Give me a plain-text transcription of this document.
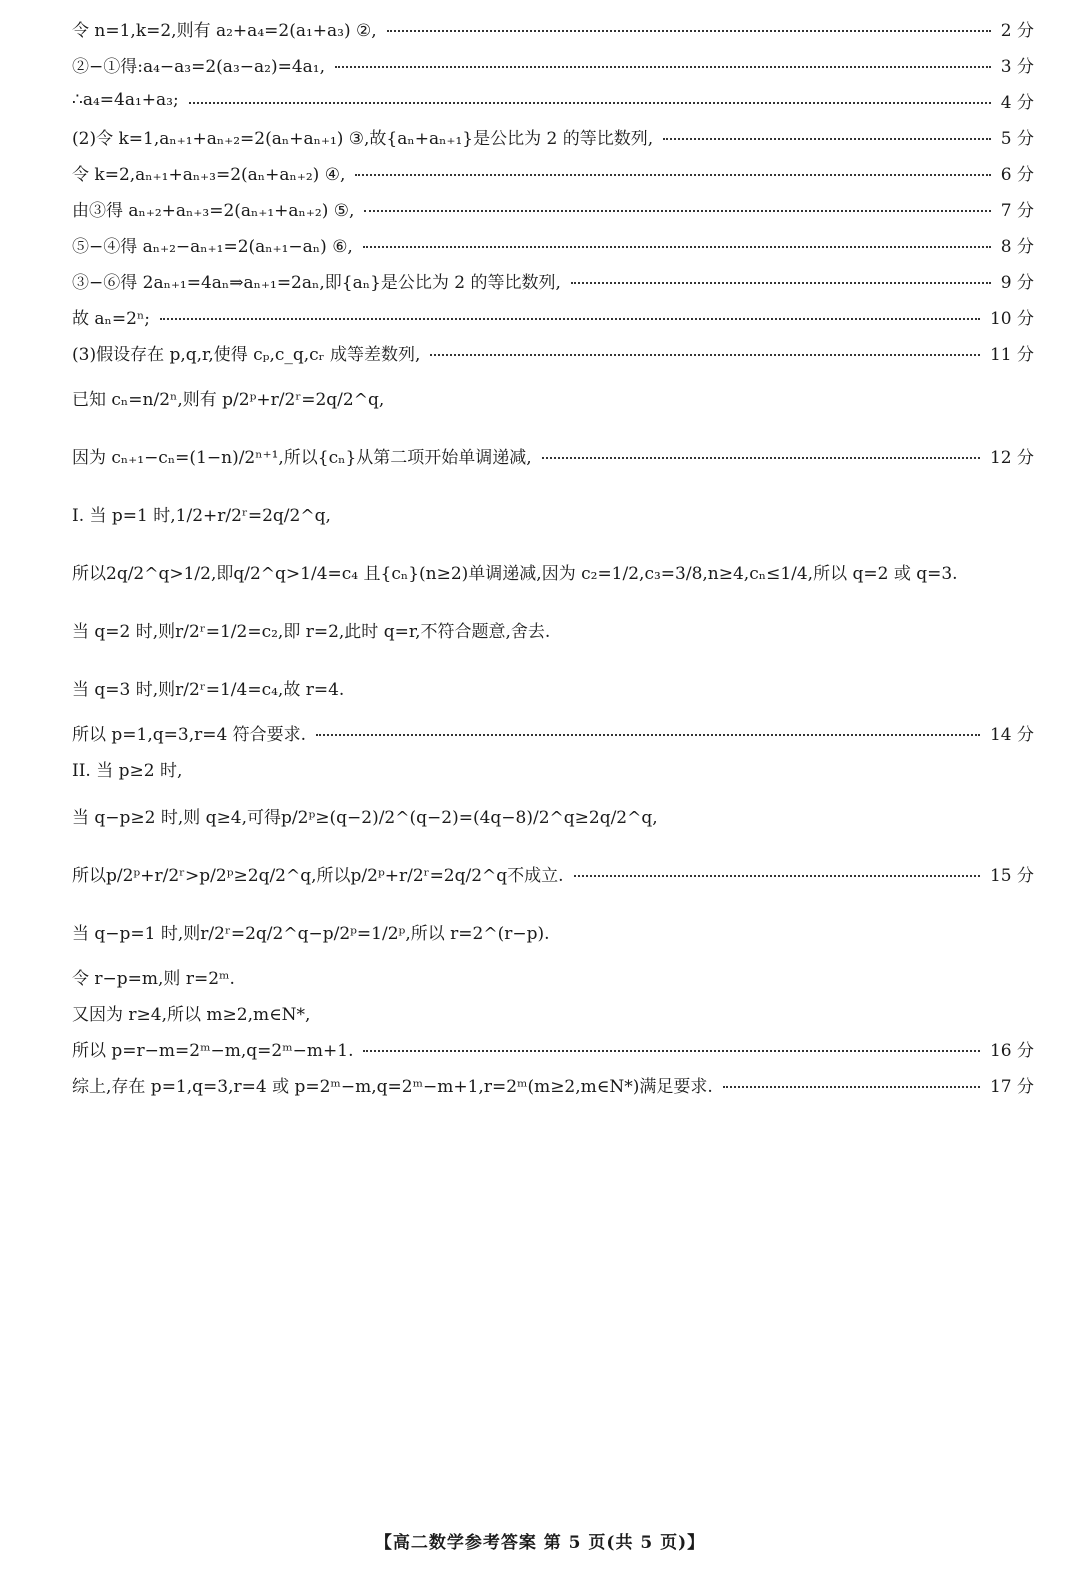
令 n=1,k=2,则有 a₂+a₄=2(a₁+a₃) ②,	2 分
②−①得:a₄−a₃=2(a₃−a₂)=4a₁,	3 分
∴a₄=4a₁+a₃;	4 分
(2)令 k=1,aₙ₊₁+aₙ₊₂=2(aₙ+aₙ₊₁) ③,故{aₙ+aₙ₊₁}是公比为 2 的等比数列,	5 分
令 k=2,aₙ₊₁+aₙ₊₃=2(aₙ+aₙ₊₂) ④,	6 分
由③得 aₙ₊₂+aₙ₊₃=2(aₙ₊₁+aₙ₊₂) ⑤,	7 分
⑤−④得 aₙ₊₂−aₙ₊₁=2(aₙ₊₁−aₙ) ⑥,	8 分
③−⑥得 2aₙ₊₁=4aₙ⇒aₙ₊₁=2aₙ,即{aₙ}是公比为 2 的等比数列,	9 分
故 aₙ=2ⁿ;	10 分
(3)假设存在 p,q,r,使得 cₚ,c_q,cᵣ 成等差数列,	11 分
已知 cₙ=n/2ⁿ,则有 p/2ᵖ+r/2ʳ=2q/2^q,
因为 cₙ₊₁−cₙ=(1−n)/2ⁿ⁺¹,所以{cₙ}从第二项开始单调递减,	12 分
I. 当 p=1 时,1/2+r/2ʳ=2q/2^q,
所以2q/2^q>1/2,即q/2^q>1/4=c₄ 且{cₙ}(n≥2)单调递减,因为 c₂=1/2,c₃=3/8,n≥4,cₙ≤1/4,所以 q=2 或 q=3.
当 q=2 时,则r/2ʳ=1/2=c₂,即 r=2,此时 q=r,不符合题意,舍去.
当 q=3 时,则r/2ʳ=1/4=c₄,故 r=4.
所以 p=1,q=3,r=4 符合要求.	14 分
II. 当 p≥2 时,
当 q−p≥2 时,则 q≥4,可得p/2ᵖ≥(q−2)/2^(q−2)=(4q−8)/2^q≥2q/2^q,
所以p/2ᵖ+r/2ʳ>p/2ᵖ≥2q/2^q,所以p/2ᵖ+r/2ʳ=2q/2^q不成立.	15 分
当 q−p=1 时,则r/2ʳ=2q/2^q−p/2ᵖ=1/2ᵖ,所以 r=2^(r−p).
令 r−p=m,则 r=2ᵐ.
又因为 r≥4,所以 m≥2,m∈N*,
所以 p=r−m=2ᵐ−m,q=2ᵐ−m+1.	16 分
综上,存在 p=1,q=3,r=4 或 p=2ᵐ−m,q=2ᵐ−m+1,r=2ᵐ(m≥2,m∈N*)满足要求.	17 分
【高二数学参考答案 第 5 页(共 5 页)】
